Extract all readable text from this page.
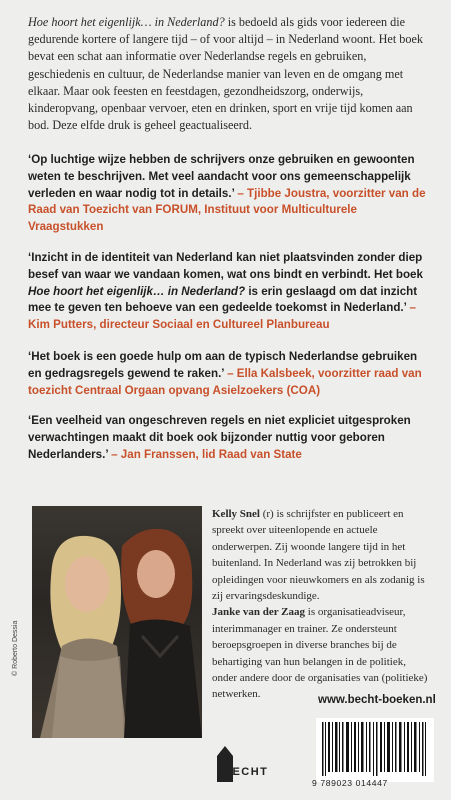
Hoe hoort het eigenlijk… in Nederland? is bedoeld als gids voor iedereen die gedurende kortere of langere tijd – of voor altijd – in Nederland woont. Het boek bevat een schat aan informatie over Nederlandse regels en gebruiken, geschiedenis en cultuur, de Nederlandse manier van leven en de omgang met elkaar. Maar ook feesten en feestdagen, gezondheidszorg, onderwijs, kinderopvang, openbaar vervoer, eten en drinken, sport en vrije tijd komen aan bod. Deze elfde druk is geheel geactualiseerd.

‘Op luchtige wijze hebben de schrijvers onze gebruiken en gewoonten weten te beschrijven. Met veel aandacht voor ons gemeenschappelijk verleden en waar nodig tot in details.’ – Tjibbe Joustra, voorzitter van de Raad van Toezicht van FORUM, Instituut voor Multiculturele Vraagstukken

‘Inzicht in de identiteit van Nederland kan niet plaatsvinden zonder diep besef van waar we vandaan komen, wat ons bindt en verbindt. Het boek Hoe hoort het eigenlijk… in Nederland? is erin geslaagd om dat inzicht mee te geven ten behoeve van een gedeelde toekomst in Nederland.’ – Kim Putters, directeur Sociaal en Cultureel Planbureau

‘Het boek is een goede hulp om aan de typisch Nederlandse gebruiken en gedragsregels gewend te raken.’ – Ella Kalsbeek, voorzitter raad van toezicht Centraal Orgaan opvang Asielzoekers (COA)

‘Een veelheid van ongeschreven regels en niet expliciet uitgesproken verwachtingen maakt dit boek ook bijzonder nuttig voor geboren Nederlanders.’ – Jan Franssen, lid Raad van State

© Roberto Dessia

Kelly Snel (r) is schrijfster en publiceert en spreekt over uiteenlopende en actuele onderwerpen. Zij woonde langere tijd in het buitenland. In Nederland was zij betrokken bij opleidingen voor nieuwkomers en als zodanig is zij ervaringsdeskundige.
Janke van der Zaag is organisatieadviseur, interimmanager en trainer. Ze ondersteunt beroepsgroepen in diverse branches bij de behartiging van hun belangen in de politiek, onder andere door de organisaties van (politieke) netwerken.	www.becht-boeken.nl
BECHT
9 789023 014447
